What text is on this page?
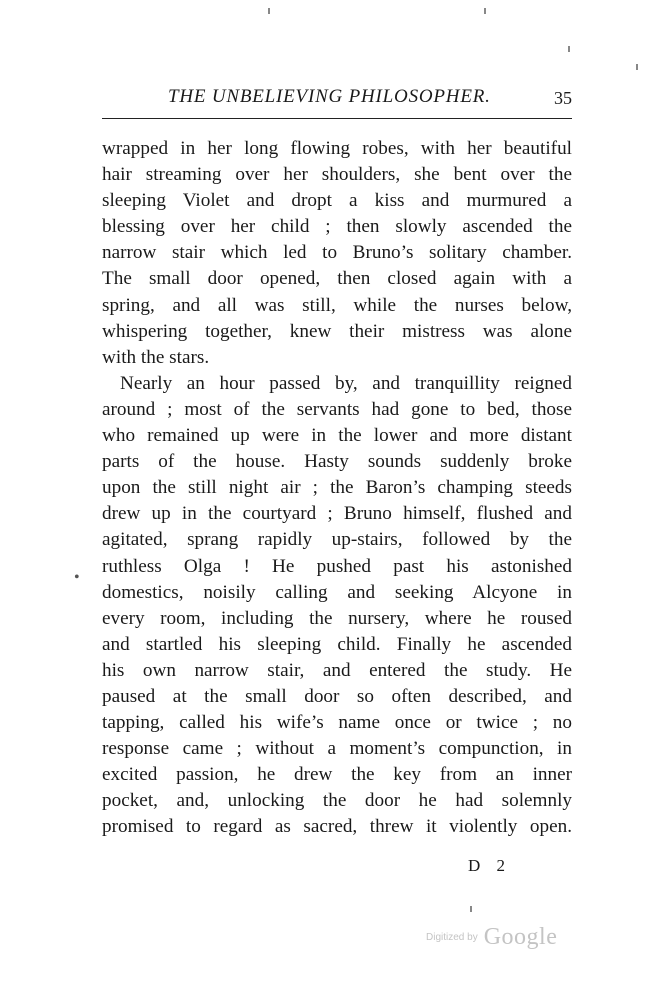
THE UNBELIEVING PHILOSOPHER.	35
wrapped in her long flowing robes, with her beautiful
hair streaming over her shoulders, she bent over the
sleeping Violet and dropt a kiss and murmured a
blessing over her child ; then slowly ascended the
narrow stair which led to Bruno’s solitary chamber.
The small door opened, then closed again with a
spring, and all was still, while the nurses below,
whispering together, knew their mistress was alone
with the stars.
Nearly an hour passed by, and tranquillity reigned
around ; most of the servants had gone to bed, those
who remained up were in the lower and more distant
parts of the house. Hasty sounds suddenly broke
upon the still night air ; the Baron’s champing steeds
drew up in the courtyard ; Bruno himself, flushed and
agitated, sprang rapidly up-stairs, followed by the
ruthless Olga ! He pushed past his astonished
domestics, noisily calling and seeking Alcyone in
every room, including the nursery, where he roused
and startled his sleeping child. Finally he ascended
his own narrow stair, and entered the study. He
paused at the small door so often described, and
tapping, called his wife’s name once or twice ; no
response came ; without a moment’s compunction, in
excited passion, he drew the key from an inner
pocket, and, unlocking the door he had solemnly
promised to regard as sacred, threw it violently open.
•
D 2
$^{Digitized by}$ Google
